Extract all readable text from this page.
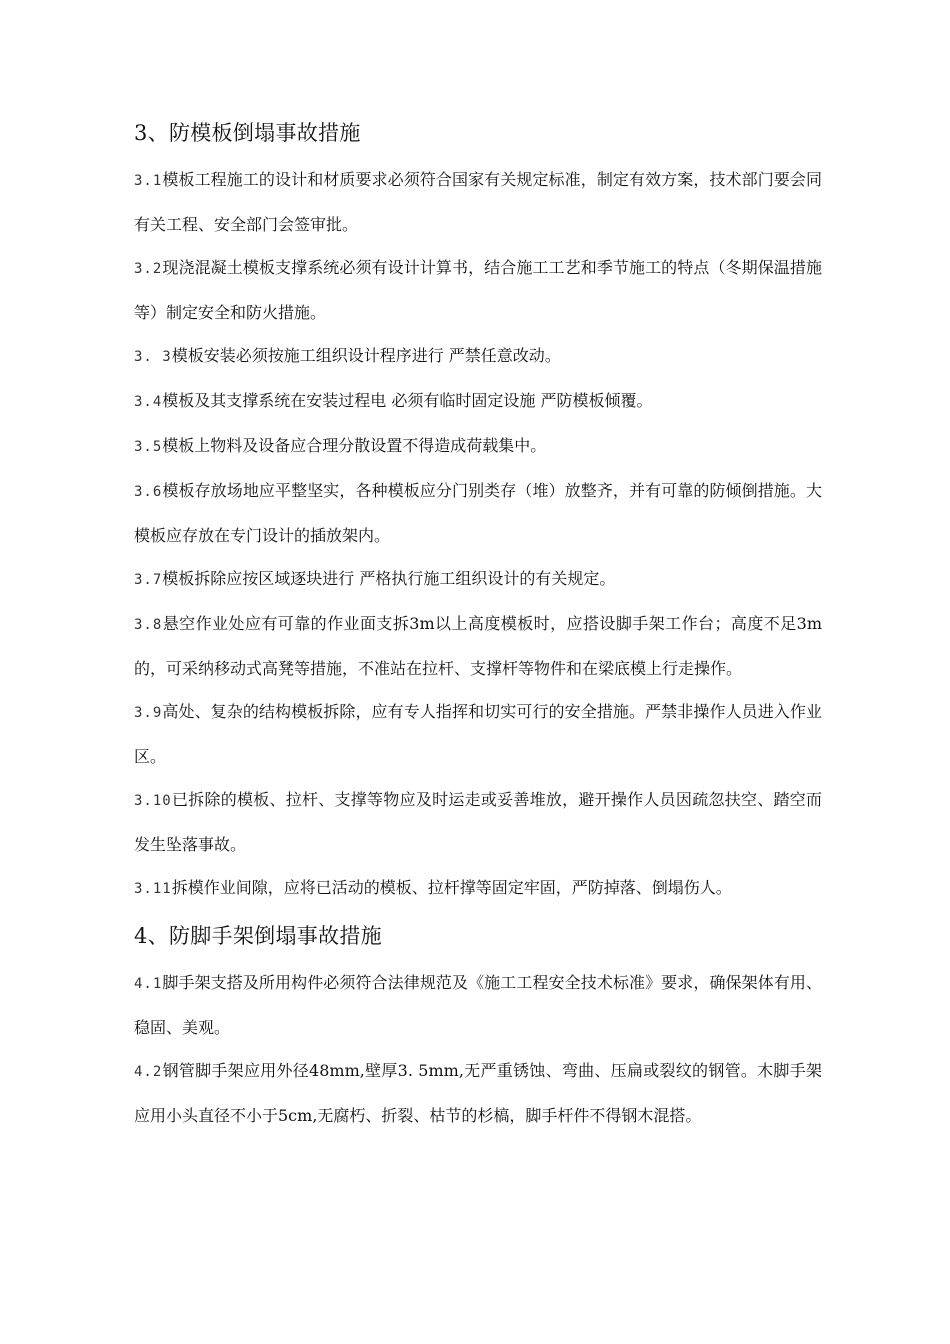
3、防模板倒塌事故措施

3.1模板工程施工的设计和材质要求必须符合国家有关规定标准，制定有效方案，技术部门要会同有关工程、安全部门会签审批。

3.2现浇混凝土模板支撑系统必须有设计计算书，结合施工工艺和季节施工的特点（冬期保温措施等）制定安全和防火措施。

3. 3模板安装必须按施工组织设计程序进行 严禁任意改动。

3.4模板及其支撑系统在安装过程电 必须有临时固定设施 严防模板倾覆。

3.5模板上物料及设备应合理分散设置不得造成荷载集中。

3.6模板存放场地应平整坚实，各种模板应分门别类存（堆）放整齐，并有可靠的防倾倒措施。大模板应存放在专门设计的插放架内。

3.7模板拆除应按区域逐块进行 严格执行施工组织设计的有关规定。

3.8悬空作业处应有可靠的作业面支拆3m以上高度模板时，应搭设脚手架工作台；高度不足3m的，可采纳移动式高凳等措施，不准站在拉杆、支撑杆等物件和在梁底模上行走操作。

3.9高处、复杂的结构模板拆除，应有专人指挥和切实可行的安全措施。严禁非操作人员进入作业区。

3.10已拆除的模板、拉杆、支撑等物应及时运走或妥善堆放，避开操作人员因疏忽扶空、踏空而发生坠落事故。

3.11拆模作业间隙，应将已活动的模板、拉杆撑等固定牢固，严防掉落、倒塌伤人。

4、防脚手架倒塌事故措施

4.1脚手架支搭及所用构件必须符合法律规范及《施工工程安全技术标准》要求，确保架体有用、稳固、美观。

4.2钢管脚手架应用外径48mm,壁厚3. 5mm,无严重锈蚀、弯曲、压扁或裂纹的钢管。木脚手架应用小头直径不小于5cm,无腐朽、折裂、枯节的杉槁，脚手杆件不得钢木混搭。
